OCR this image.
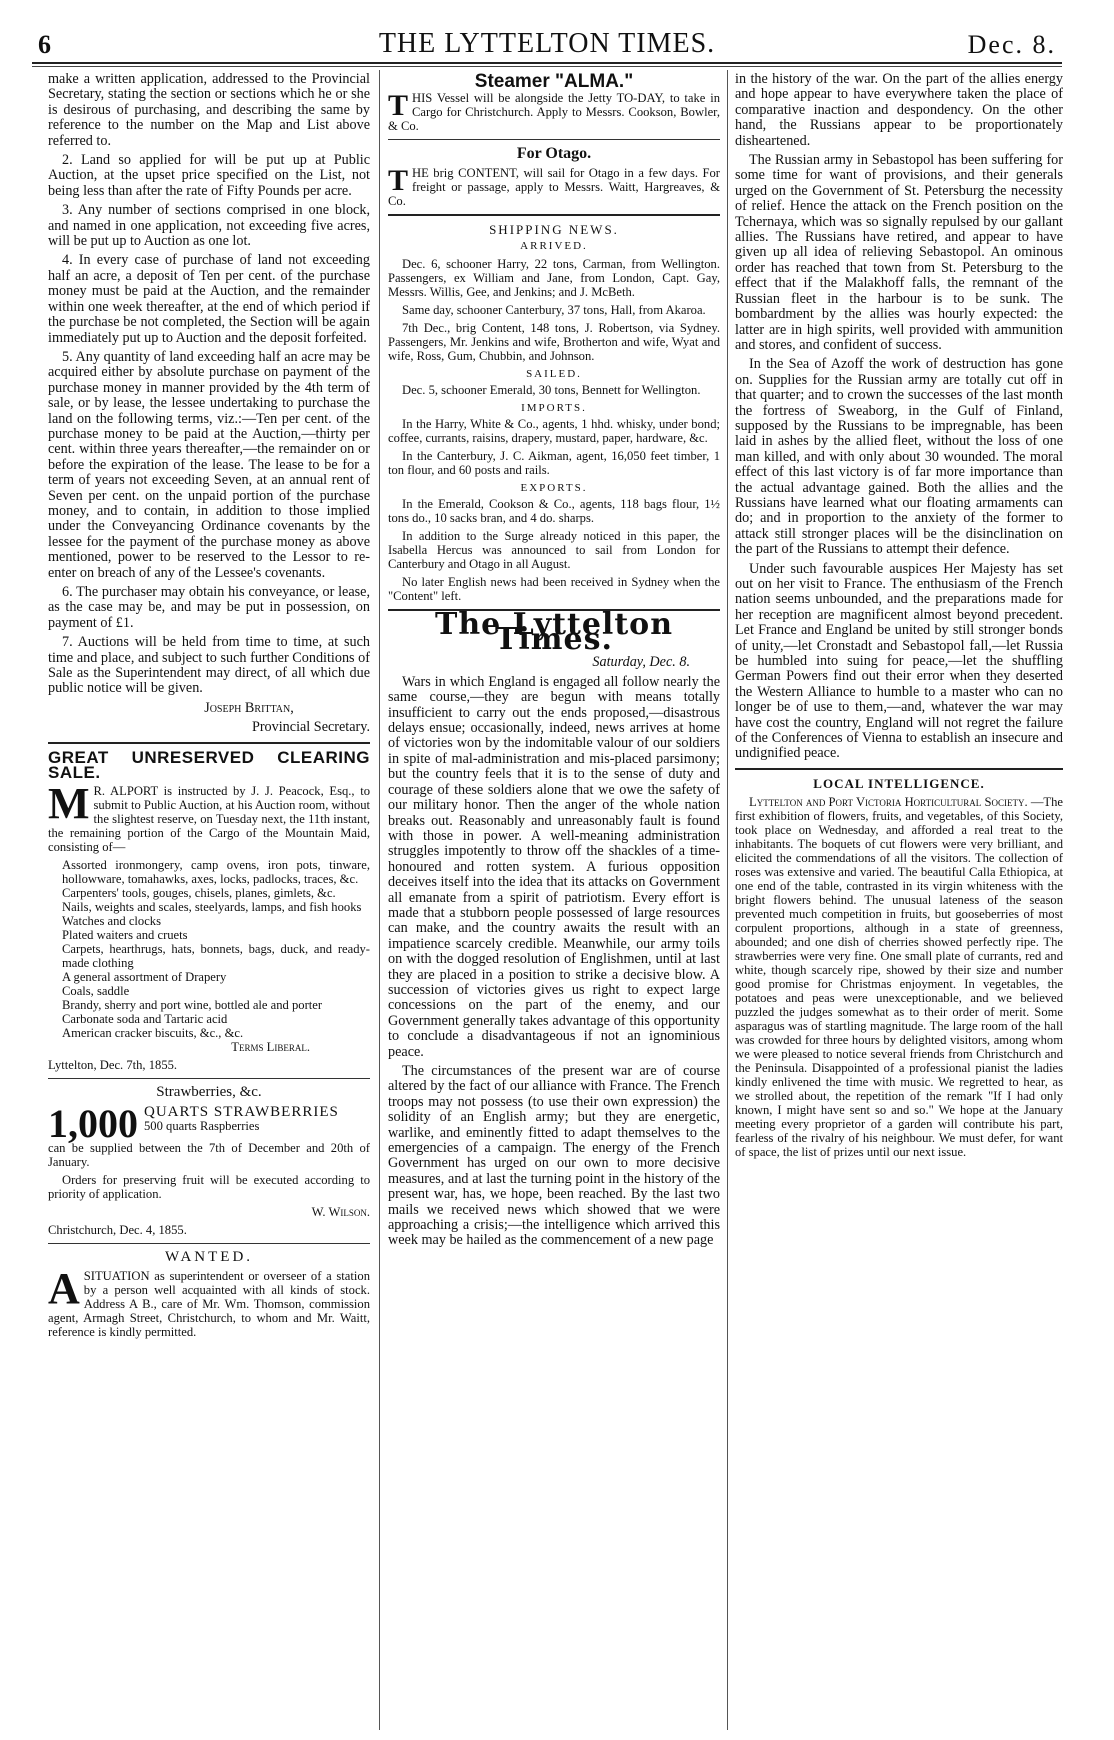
6	THE LYTTELTON TIMES.	Dec. 8.

make a written application, addressed to the Provincial Secretary, stating the section or sections which he or she is desirous of purchasing, and describing the same by reference to the number on the Map and List above referred to.

2. Land so applied for will be put up at Public Auction, at the upset price specified on the List, not being less than after the rate of Fifty Pounds per acre.

3. Any number of sections comprised in one block, and named in one application, not exceeding five acres, will be put up to Auction as one lot.

4. In every case of purchase of land not exceeding half an acre, a deposit of Ten per cent. of the purchase money must be paid at the Auction, and the remainder within one week thereafter, at the end of which period if the purchase be not completed, the Section will be again immediately put up to Auction and the deposit forfeited.

5. Any quantity of land exceeding half an acre may be acquired either by absolute purchase on payment of the purchase money in manner provided by the 4th term of sale, or by lease, the lessee undertaking to purchase the land on the following terms, viz.:—Ten per cent. of the purchase money to be paid at the Auction,—thirty per cent. within three years thereafter,—the remainder on or before the expiration of the lease. The lease to be for a term of years not exceeding Seven, at an annual rent of Seven per cent. on the unpaid portion of the purchase money, and to contain, in addition to those implied under the Conveyancing Ordinance covenants by the lessee for the payment of the purchase money as above mentioned, power to be reserved to the Lessor to re-enter on breach of any of the Lessee's covenants.

6. The purchaser may obtain his conveyance, or lease, as the case may be, and may be put in possession, on payment of £1.

7. Auctions will be held from time to time, at such time and place, and subject to such further Conditions of Sale as the Superintendent may direct, of all which due public notice will be given.

Joseph Brittan,

Provincial Secretary.

GREAT UNRESERVED CLEARING SALE.

M R. ALPORT is instructed by J. J. Peacock, Esq., to submit to Public Auction, at his Auction room, without the slightest reserve, on Tuesday next, the 11th instant, the remaining portion of the Cargo of the Mountain Maid, consisting of—

Assorted ironmongery, camp ovens, iron pots, tinware, hollowware, tomahawks, axes, locks, padlocks, traces, &c.

Carpenters' tools, gouges, chisels, planes, gimlets, &c.

Nails, weights and scales, steelyards, lamps, and fish hooks

Watches and clocks

Plated waiters and cruets

Carpets, hearthrugs, hats, bonnets, bags, duck, and ready-made clothing

A general assortment of Drapery

Coals, saddle

Brandy, sherry and port wine, bottled ale and porter

Carbonate soda and Tartaric acid

American cracker biscuits, &c., &c.

Terms Liberal.

Lyttelton, Dec. 7th, 1855.

Strawberries, &c.

1,000 QUARTS STRAWBERRIES
500 quarts Raspberries

can be supplied between the 7th of December and 20th of January.

Orders for preserving fruit will be executed according to priority of application.

W. Wilson.

Christchurch, Dec. 4, 1855.

WANTED.

ASITUATION as superintendent or overseer of a station by a person well acquainted with all kinds of stock. Address A B., care of Mr. Wm. Thomson, commission agent, Armagh Street, Christchurch, to whom and Mr. Waitt, reference is kindly permitted.

Steamer "ALMA."

THIS Vessel will be alongside the Jetty TO-DAY, to take in Cargo for Christchurch. Apply to Messrs. Cookson, Bowler, & Co.

For Otago.

THE brig CONTENT, will sail for Otago in a few days. For freight or passage, apply to Messrs. Waitt, Hargreaves, & Co.

SHIPPING NEWS.

ARRIVED.

Dec. 6, schooner Harry, 22 tons, Carman, from Wellington. Passengers, ex William and Jane, from London, Capt. Gay, Messrs. Willis, Gee, and Jenkins; and J. McBeth.

Same day, schooner Canterbury, 37 tons, Hall, from Akaroa.

7th Dec., brig Content, 148 tons, J. Robertson, via Sydney. Passengers, Mr. Jenkins and wife, Brotherton and wife, Wyat and wife, Ross, Gum, Chubbin, and Johnson.

SAILED.

Dec. 5, schooner Emerald, 30 tons, Bennett for Wellington.

IMPORTS.

In the Harry, White & Co., agents, 1 hhd. whisky, under bond; coffee, currants, raisins, drapery, mustard, paper, hardware, &c.

In the Canterbury, J. C. Aikman, agent, 16,050 feet timber, 1 ton flour, and 60 posts and rails.

EXPORTS.

In the Emerald, Cookson & Co., agents, 118 bags flour, 1½ tons do., 10 sacks bran, and 4 do. sharps.

In addition to the Surge already noticed in this paper, the Isabella Hercus was announced to sail from London for Canterbury and Otago in all August.

No later English news had been received in Sydney when the "Content" left.

The Lyttelton Times.

Saturday, Dec. 8.

Wars in which England is engaged all follow nearly the same course,—they are begun with means totally insufficient to carry out the ends proposed,—disastrous delays ensue; occasionally, indeed, news arrives at home of victories won by the indomitable valour of our soldiers in spite of mal-administration and mis-placed parsimony; but the country feels that it is to the sense of duty and courage of these soldiers alone that we owe the safety of our military honor. Then the anger of the whole nation breaks out. Reasonably and unreasonably fault is found with those in power. A well-meaning administration struggles impotently to throw off the shackles of a time-honoured and rotten system. A furious opposition deceives itself into the idea that its attacks on Government all emanate from a spirit of patriotism. Every effort is made that a stubborn people possessed of large resources can make, and the country awaits the result with an impatience scarcely credible. Meanwhile, our army toils on with the dogged resolution of Englishmen, until at last they are placed in a position to strike a decisive blow. A succession of victories gives us right to expect large concessions on the part of the enemy, and our Government generally takes advantage of this opportunity to conclude a disadvantageous if not an ignominious peace.

The circumstances of the present war are of course altered by the fact of our alliance with France. The French troops may not possess (to use their own expression) the solidity of an English army; but they are energetic, warlike, and eminently fitted to adapt themselves to the emergencies of a campaign. The energy of the French Government has urged on our own to more decisive measures, and at last the turning point in the history of the present war, has, we hope, been reached. By the last two mails we received news which showed that we were approaching a crisis;—the intelligence which arrived this week may be hailed as the commencement of a new page

in the history of the war. On the part of the allies energy and hope appear to have everywhere taken the place of comparative inaction and despondency. On the other hand, the Russians appear to be proportionately disheartened.

The Russian army in Sebastopol has been suffering for some time for want of provisions, and their generals urged on the Government of St. Petersburg the necessity of relief. Hence the attack on the French position on the Tchernaya, which was so signally repulsed by our gallant allies. The Russians have retired, and appear to have given up all idea of relieving Sebastopol. An ominous order has reached that town from St. Petersburg to the effect that if the Malakhoff falls, the remnant of the Russian fleet in the harbour is to be sunk. The bombardment by the allies was hourly expected: the latter are in high spirits, well provided with ammunition and stores, and confident of success.

In the Sea of Azoff the work of destruction has gone on. Supplies for the Russian army are totally cut off in that quarter; and to crown the successes of the last month the fortress of Sweaborg, in the Gulf of Finland, supposed by the Russians to be impregnable, has been laid in ashes by the allied fleet, without the loss of one man killed, and with only about 30 wounded. The moral effect of this last victory is of far more importance than the actual advantage gained. Both the allies and the Russians have learned what our floating armaments can do; and in proportion to the anxiety of the former to attack still stronger places will be the disinclination on the part of the Russians to attempt their defence.

Under such favourable auspices Her Majesty has set out on her visit to France. The enthusiasm of the French nation seems unbounded, and the preparations made for her reception are magnificent almost beyond precedent. Let France and England be united by still stronger bonds of unity,—let Cronstadt and Sebastopol fall,—let Russia be humbled into suing for peace,—let the shuffling German Powers find out their error when they deserted the Western Alliance to humble to a master who can no longer be of use to them,—and, whatever the war may have cost the country, England will not regret the failure of the Conferences of Vienna to establish an insecure and undignified peace.

LOCAL INTELLIGENCE.

Lyttelton and Port Victoria Horticultural Society. —The first exhibition of flowers, fruits, and vegetables, of this Society, took place on Wednesday, and afforded a real treat to the inhabitants. The boquets of cut flowers were very brilliant, and elicited the commendations of all the visitors. The collection of roses was extensive and varied. The beautiful Calla Ethiopica, at one end of the table, contrasted in its virgin whiteness with the bright flowers behind. The unusual lateness of the season prevented much competition in fruits, but gooseberries of most corpulent proportions, although in a state of greenness, abounded; and one dish of cherries showed perfectly ripe. The strawberries were very fine. One small plate of currants, red and white, though scarcely ripe, showed by their size and number good promise for Christmas enjoyment. In vegetables, the potatoes and peas were unexceptionable, and we believed puzzled the judges somewhat as to their order of merit. Some asparagus was of startling magnitude. The large room of the hall was crowded for three hours by delighted visitors, among whom we were pleased to notice several friends from Christchurch and the Peninsula. Disappointed of a professional pianist the ladies kindly enlivened the time with music. We regretted to hear, as we strolled about, the repetition of the remark "If I had only known, I might have sent so and so." We hope at the January meeting every proprietor of a garden will contribute his part, fearless of the rivalry of his neighbour. We must defer, for want of space, the list of prizes until our next issue.
